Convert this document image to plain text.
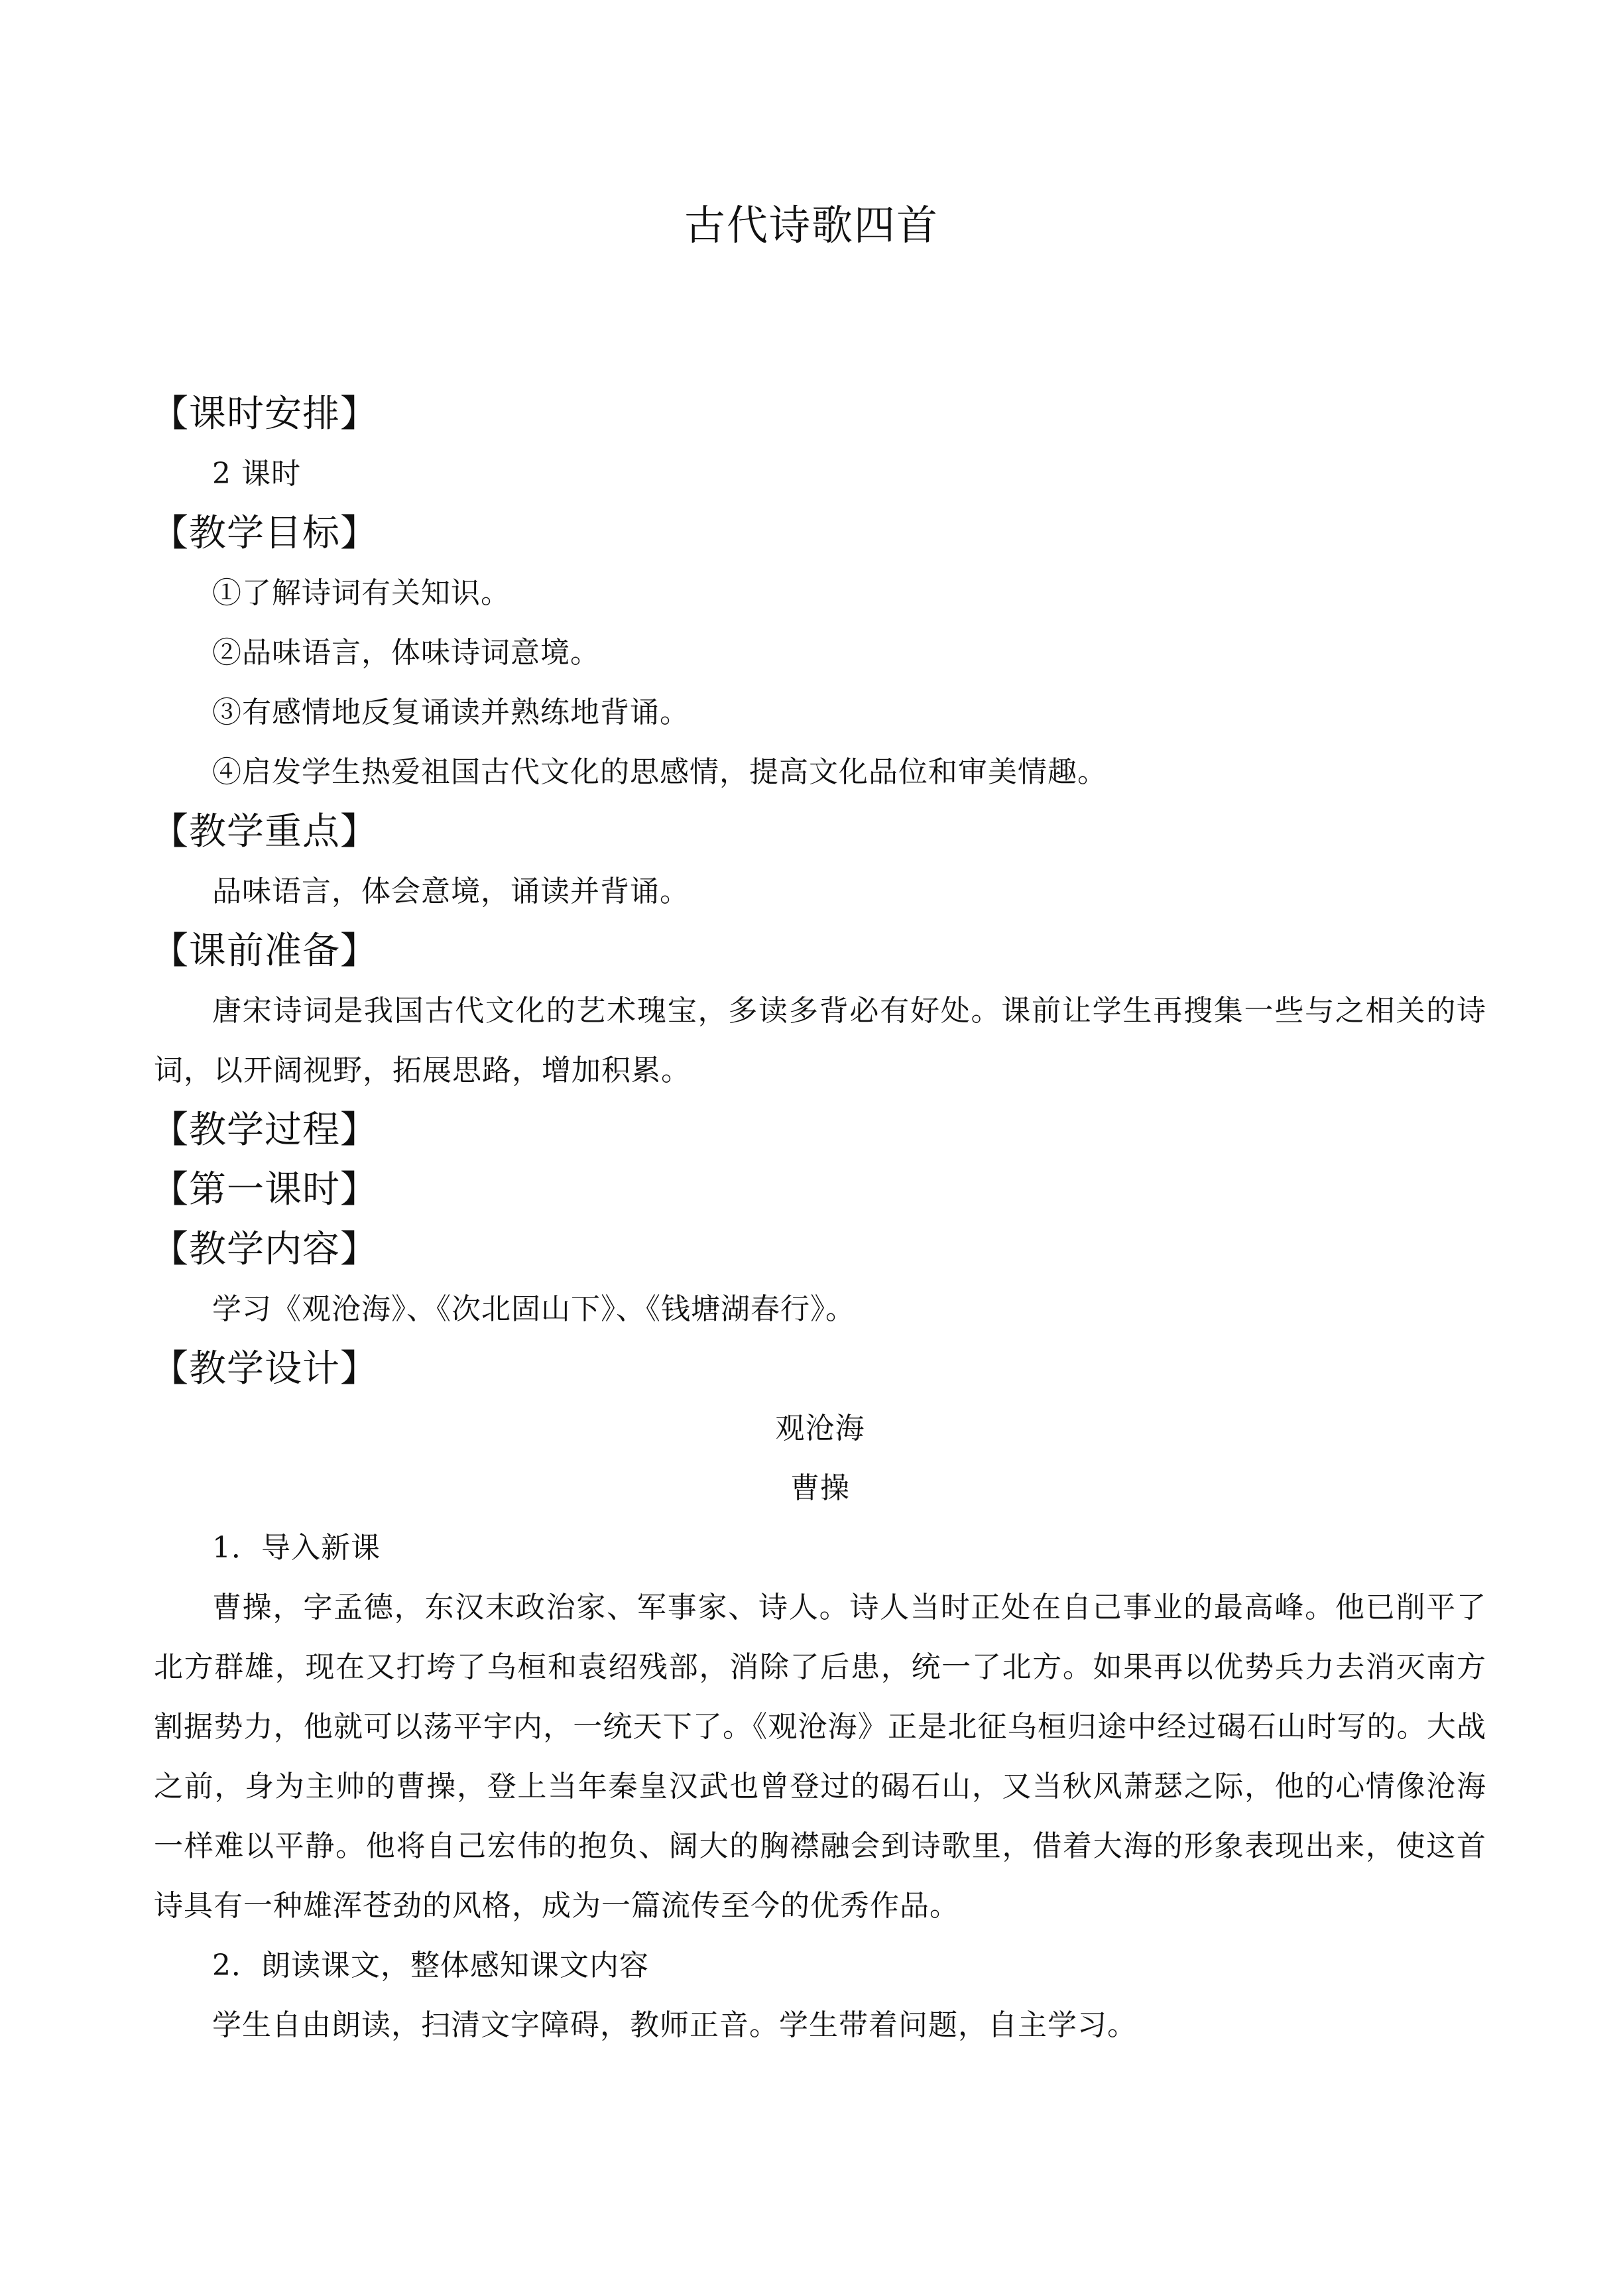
古代诗歌四首
【课时安排】
2 课时
【教学目标】
①了解诗词有关知识。
②品味语言，体味诗词意境。
③有感情地反复诵读并熟练地背诵。
④启发学生热爱祖国古代文化的思感情，提高文化品位和审美情趣。
【教学重点】
品味语言，体会意境，诵读并背诵。
【课前准备】
唐宋诗词是我国古代文化的艺术瑰宝，多读多背必有好处。课前让学生再搜集一些与之相关的诗词，以开阔视野，拓展思路，增加积累。
【教学过程】
【第一课时】
【教学内容】
学习《观沧海》、《次北固山下》、《钱塘湖春行》。
【教学设计】
观沧海
曹操
1．导入新课
曹操，字孟德，东汉末政治家、军事家、诗人。诗人当时正处在自己事业的最高峰。他已削平了北方群雄，现在又打垮了乌桓和袁绍残部，消除了后患，统一了北方。如果再以优势兵力去消灭南方割据势力，他就可以荡平宇内，一统天下了。《观沧海》正是北征乌桓归途中经过碣石山时写的。大战之前，身为主帅的曹操，登上当年秦皇汉武也曾登过的碣石山，又当秋风萧瑟之际，他的心情像沧海一样难以平静。他将自己宏伟的抱负、阔大的胸襟融会到诗歌里，借着大海的形象表现出来，使这首诗具有一种雄浑苍劲的风格，成为一篇流传至今的优秀作品。
2．朗读课文，整体感知课文内容
学生自由朗读，扫清文字障碍，教师正音。学生带着问题，自主学习。
